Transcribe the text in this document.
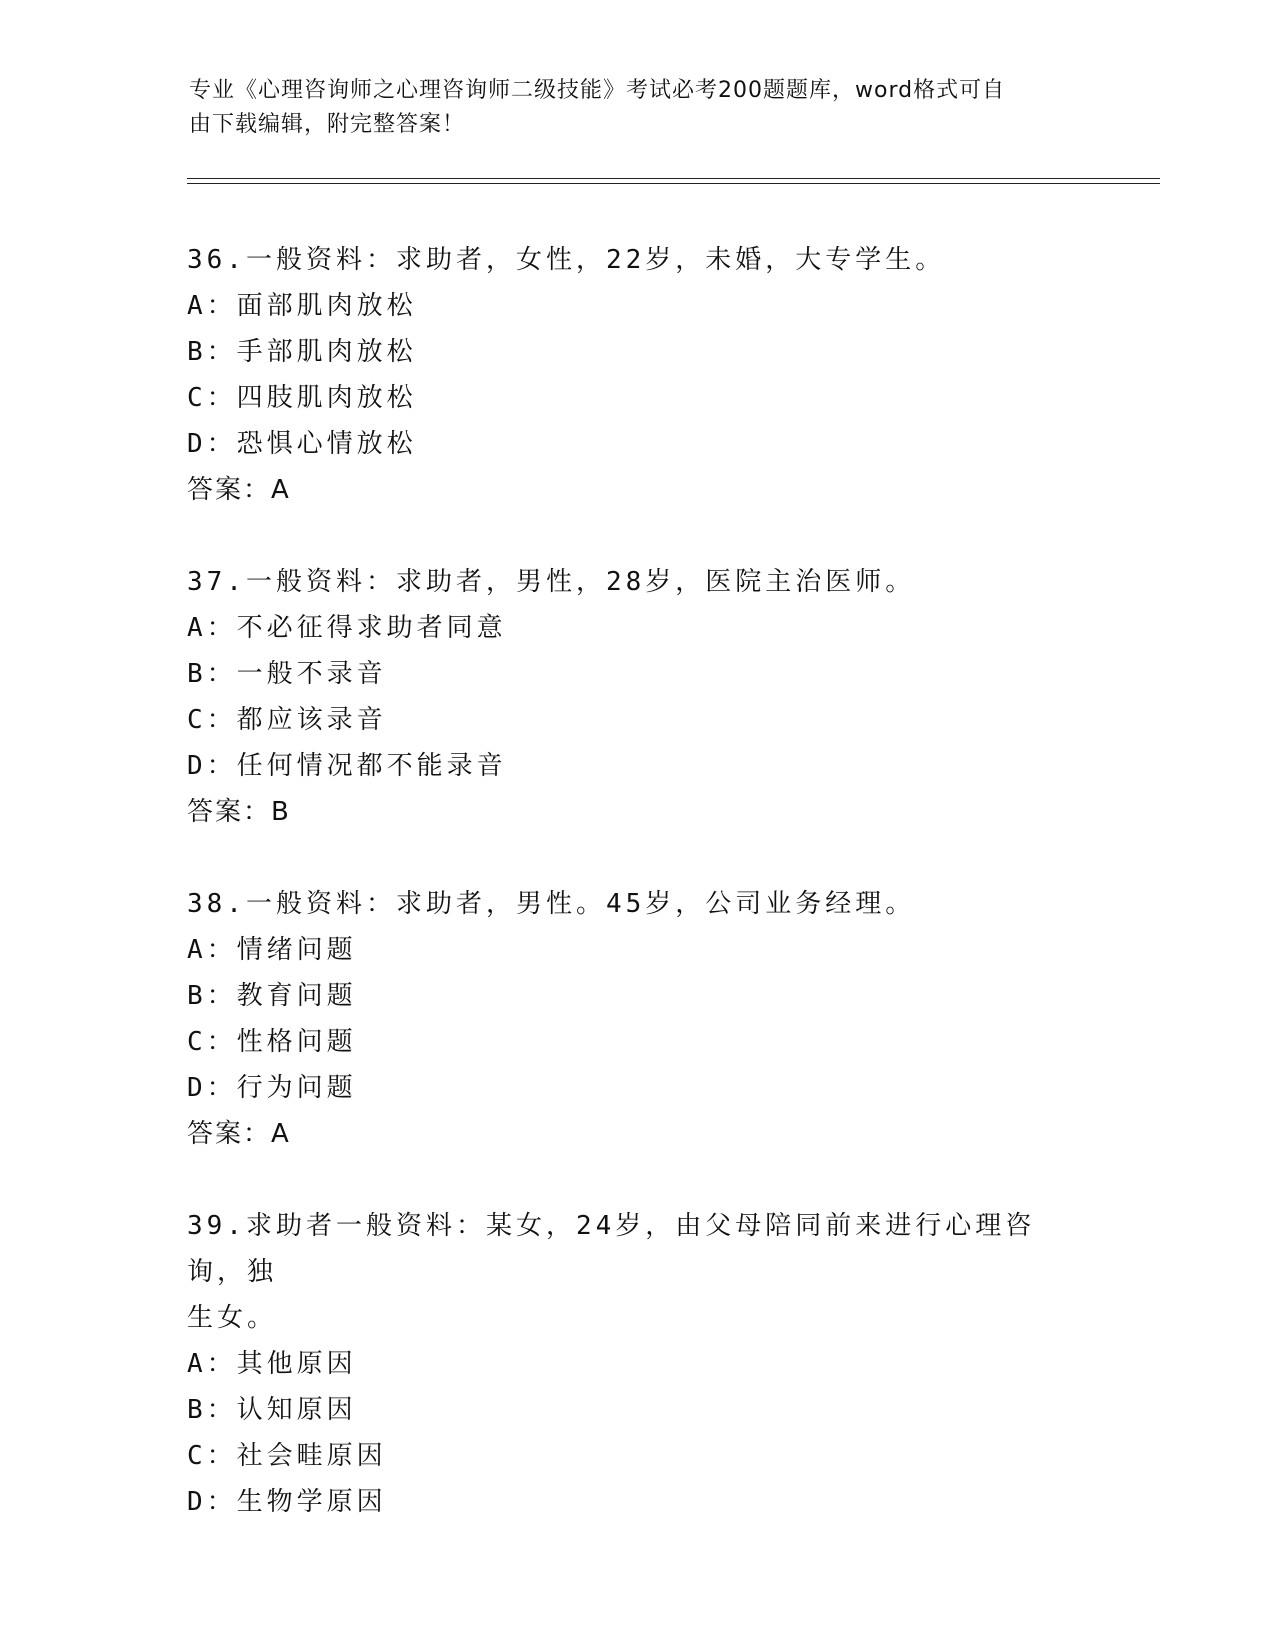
专业《心理咨询师之心理咨询师二级技能》考试必考200题题库，word格式可自
由下载编辑，附完整答案！
36.一般资料：求助者，女性，22岁，未婚，大专学生。
A：面部肌肉放松
B：手部肌肉放松
C：四肢肌肉放松
D：恐惧心情放松
答案：A
37.一般资料：求助者，男性，28岁，医院主治医师。
A：不必征得求助者同意
B：一般不录音
C：都应该录音
D：任何情况都不能录音
答案：B
38.一般资料：求助者，男性。45岁，公司业务经理。
A：情绪问题
B：教育问题
C：性格问题
D：行为问题
答案：A
39.求助者一般资料：某女，24岁，由父母陪同前来进行心理咨询，独
生女。
A：其他原因
B：认知原因
C：社会畦原因
D：生物学原因
